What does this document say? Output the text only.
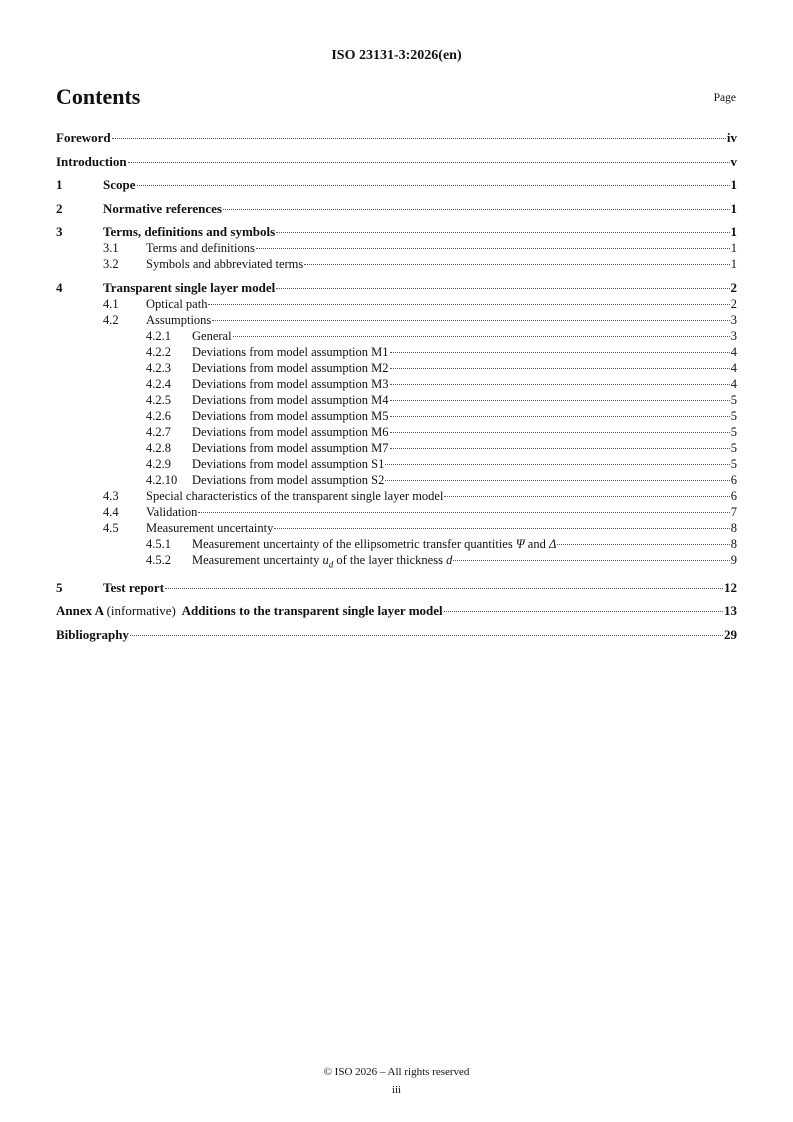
ISO 23131-3:2026(en)
Contents	Page
Foreword	iv
Introduction	v
1	Scope	1
2	Normative references	1
3	Terms, definitions and symbols	1
3.1	Terms and definitions	1
3.2	Symbols and abbreviated terms	1
4	Transparent single layer model	2
4.1	Optical path	2
4.2	Assumptions	3
4.2.1	General	3
4.2.2	Deviations from model assumption M1	4
4.2.3	Deviations from model assumption M2	4
4.2.4	Deviations from model assumption M3	4
4.2.5	Deviations from model assumption M4	5
4.2.6	Deviations from model assumption M5	5
4.2.7	Deviations from model assumption M6	5
4.2.8	Deviations from model assumption M7	5
4.2.9	Deviations from model assumption S1	5
4.2.10	Deviations from model assumption S2	6
4.3	Special characteristics of the transparent single layer model	6
4.4	Validation	7
4.5	Measurement uncertainty	8
4.5.1	Measurement uncertainty of the ellipsometric transfer quantities Ψ and Δ	8
4.5.2	Measurement uncertainty $u_d$ of the layer thickness d	9
5	Test report	12
Annex A (informative)  Additions to the transparent single layer model	13
Bibliography	29
© ISO 2026 – All rights reserved
iii
